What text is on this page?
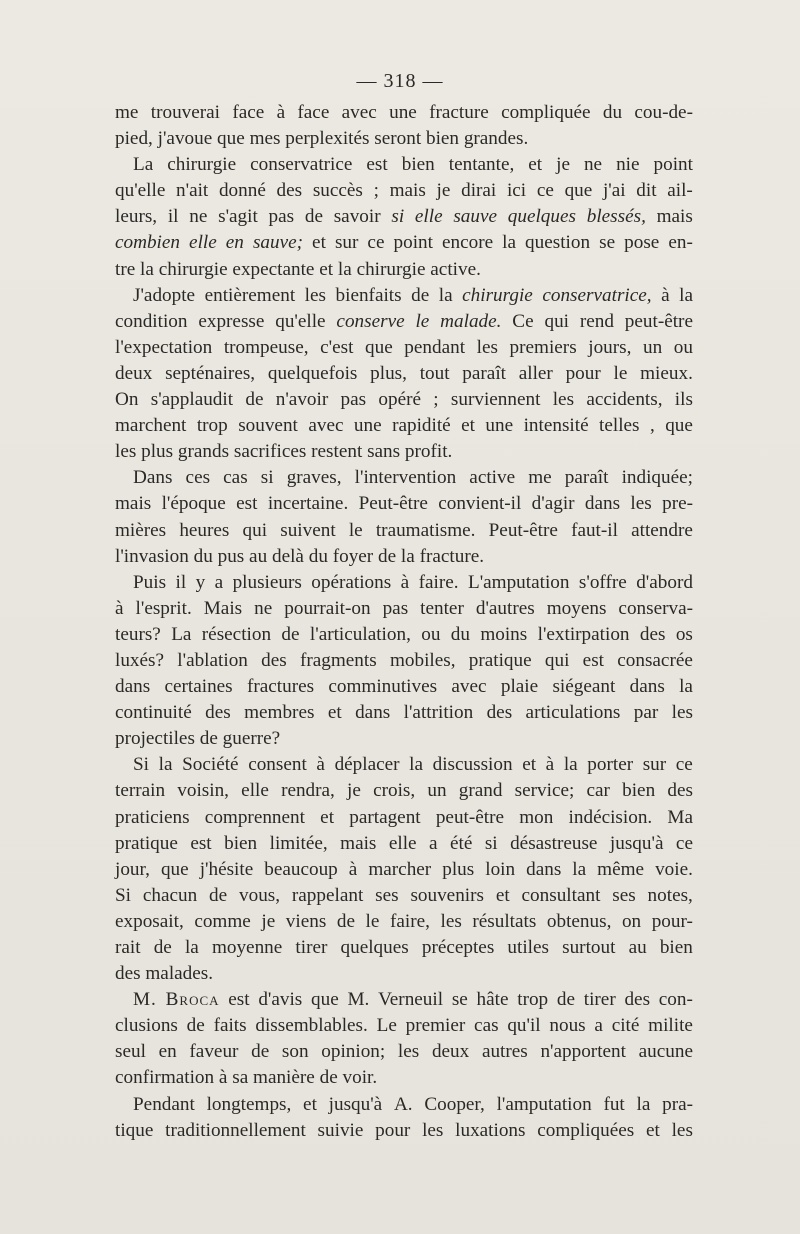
— 318 —
me trouverai face à face avec une fracture compliquée du cou-de-
pied, j'avoue que mes perplexités seront bien grandes.
La chirurgie conservatrice est bien tentante, et je ne nie point
qu'elle n'ait donné des succès ; mais je dirai ici ce que j'ai dit ail-
leurs, il ne s'agit pas de savoir si elle sauve quelques blessés, mais
combien elle en sauve; et sur ce point encore la question se pose en-
tre la chirurgie expectante et la chirurgie active.
J'adopte entièrement les bienfaits de la chirurgie conservatrice, à la
condition expresse qu'elle conserve le malade. Ce qui rend peut-être
l'expectation trompeuse, c'est que pendant les premiers jours, un ou
deux septénaires, quelquefois plus, tout paraît aller pour le mieux.
On s'applaudit de n'avoir pas opéré ; surviennent les accidents, ils
marchent trop souvent avec une rapidité et une intensité telles , que
les plus grands sacrifices restent sans profit.
Dans ces cas si graves, l'intervention active me paraît indiquée;
mais l'époque est incertaine. Peut-être convient-il d'agir dans les pre-
mières heures qui suivent le traumatisme. Peut-être faut-il attendre
l'invasion du pus au delà du foyer de la fracture.
Puis il y a plusieurs opérations à faire. L'amputation s'offre d'abord
à l'esprit. Mais ne pourrait-on pas tenter d'autres moyens conserva-
teurs? La résection de l'articulation, ou du moins l'extirpation des os
luxés? l'ablation des fragments mobiles, pratique qui est consacrée
dans certaines fractures comminutives avec plaie siégeant dans la
continuité des membres et dans l'attrition des articulations par les
projectiles de guerre?
Si la Société consent à déplacer la discussion et à la porter sur ce
terrain voisin, elle rendra, je crois, un grand service; car bien des
praticiens comprennent et partagent peut-être mon indécision. Ma
pratique est bien limitée, mais elle a été si désastreuse jusqu'à ce
jour, que j'hésite beaucoup à marcher plus loin dans la même voie.
Si chacun de vous, rappelant ses souvenirs et consultant ses notes,
exposait, comme je viens de le faire, les résultats obtenus, on pour-
rait de la moyenne tirer quelques préceptes utiles surtout au bien
des malades.
M. Broca est d'avis que M. Verneuil se hâte trop de tirer des con-
clusions de faits dissemblables. Le premier cas qu'il nous a cité milite
seul en faveur de son opinion; les deux autres n'apportent aucune
confirmation à sa manière de voir.
Pendant longtemps, et jusqu'à A. Cooper, l'amputation fut la pra-
tique traditionnellement suivie pour les luxations compliquées et les
